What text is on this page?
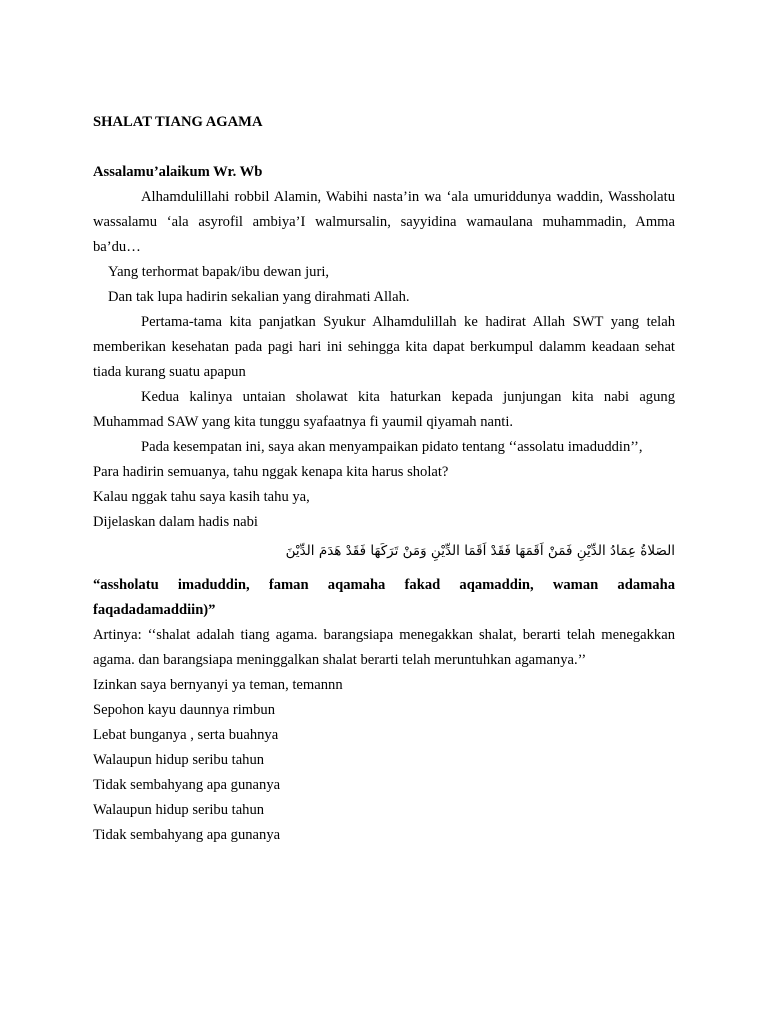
SHALAT TIANG AGAMA

Assalamu’alaikum Wr. Wb

Alhamdulillahi robbil Alamin, Wabihi nasta’in wa ‘ala umuriddunya waddin, Wassholatu wassalamu ‘ala asyrofil ambiya’I walmursalin, sayyidina wamaulana muhammadin, Amma ba’du…

Yang terhormat bapak/ibu dewan juri,

Dan tak lupa hadirin sekalian yang dirahmati Allah.

Pertama-tama kita panjatkan Syukur Alhamdulillah ke hadirat Allah SWT yang telah memberikan kesehatan pada pagi hari ini sehingga kita dapat berkumpul dalamm keadaan sehat tiada kurang suatu apapun

Kedua kalinya untaian sholawat kita haturkan kepada junjungan kita nabi agung Muhammad SAW yang kita tunggu syafaatnya fi yaumil qiyamah nanti.

Pada kesempatan ini, saya akan menyampaikan pidato tentang ‘‘assolatu imaduddin’’,

Para hadirin semuanya, tahu nggak kenapa kita harus sholat?

Kalau nggak tahu saya kasih tahu ya,

Dijelaskan dalam hadis nabi

الصَلاةُ عِمَادُ الدِّيْنِ فَمَنْ اَقَمَهَا فَقَدْ اَقَمَا الدِّيْنِ وَمَنْ تَرَكَهَا فَقَدْ هَدَمَ الدِّيْنَ

“assholatu imaduddin, faman aqamaha fakad aqamaddin, waman adamaha faqadadamaddiin)”

Artinya: ‘‘shalat adalah tiang agama. barangsiapa menegakkan shalat, berarti telah menegakkan agama. dan barangsiapa meninggalkan shalat berarti telah meruntuhkan agamanya.’’

Izinkan saya bernyanyi ya teman, temannn

Sepohon kayu daunnya rimbun

Lebat bunganya , serta buahnya

Walaupun hidup seribu tahun

Tidak sembahyang apa gunanya

Walaupun hidup seribu tahun

Tidak sembahyang apa gunanya
